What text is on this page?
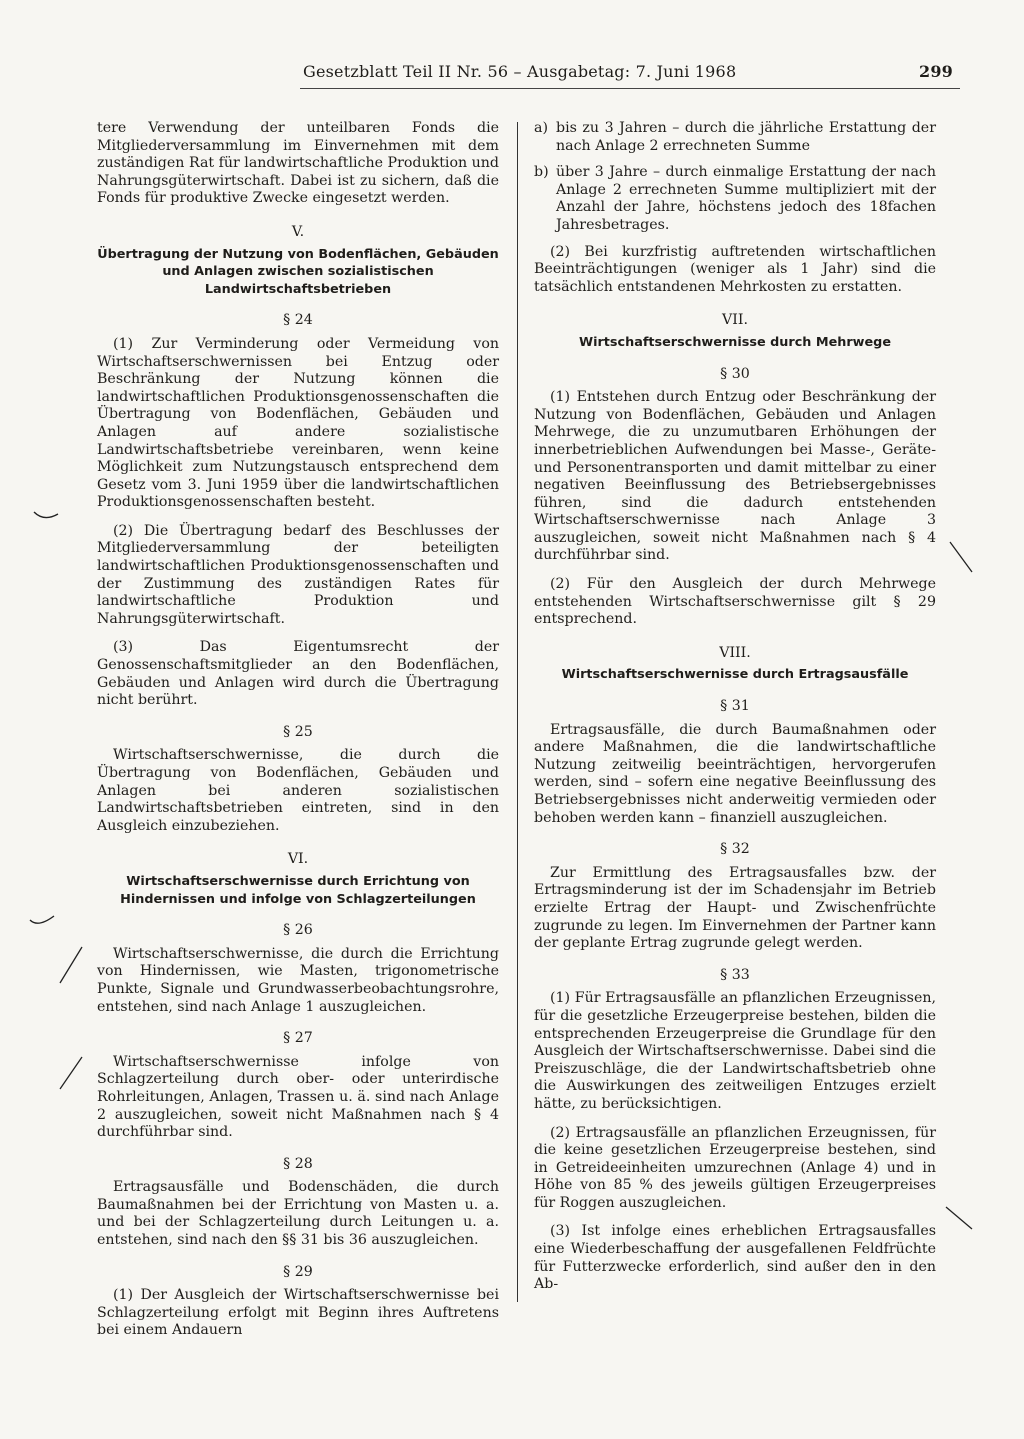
Gesetzblatt Teil II Nr. 56 – Ausgabetag: 7. Juni 1968	299

tere Verwendung der unteilbaren Fonds die Mitgliederversammlung im Einvernehmen mit dem zuständigen Rat für landwirtschaftliche Produktion und Nahrungsgüterwirtschaft. Dabei ist zu sichern, daß die Fonds für produktive Zwecke eingesetzt werden.

V.
Übertragung der Nutzung von Bodenflächen, Gebäuden und Anlagen zwischen sozialistischen Landwirtschaftsbetrieben
§ 24

(1) Zur Verminderung oder Vermeidung von Wirtschaftserschwernissen bei Entzug oder Beschränkung der Nutzung können die landwirtschaftlichen Produktionsgenossenschaften die Übertragung von Bodenflächen, Gebäuden und Anlagen auf andere sozialistische Landwirtschaftsbetriebe vereinbaren, wenn keine Möglichkeit zum Nutzungstausch entsprechend dem Gesetz vom 3. Juni 1959 über die landwirtschaftlichen Produktionsgenossenschaften besteht.

(2) Die Übertragung bedarf des Beschlusses der Mitgliederversammlung der beteiligten landwirtschaftlichen Produktionsgenossenschaften und der Zustimmung des zuständigen Rates für landwirtschaftliche Produktion und Nahrungsgüterwirtschaft.

(3) Das Eigentumsrecht der Genossenschaftsmitglieder an den Bodenflächen, Gebäuden und Anlagen wird durch die Übertragung nicht berührt.

§ 25

Wirtschaftserschwernisse, die durch die Übertragung von Bodenflächen, Gebäuden und Anlagen bei anderen sozialistischen Landwirtschaftsbetrieben eintreten, sind in den Ausgleich einzubeziehen.

VI.
Wirtschaftserschwernisse durch Errichtung von Hindernissen und infolge von Schlagzerteilungen
§ 26

Wirtschaftserschwernisse, die durch die Errichtung von Hindernissen, wie Masten, trigonometrische Punkte, Signale und Grundwasserbeobachtungsrohre, entstehen, sind nach Anlage 1 auszugleichen.

§ 27

Wirtschaftserschwernisse infolge von Schlagzerteilung durch ober- oder unterirdische Rohrleitungen, Anlagen, Trassen u. ä. sind nach Anlage 2 auszugleichen, soweit nicht Maßnahmen nach § 4 durchführbar sind.

§ 28

Ertragsausfälle und Bodenschäden, die durch Baumaßnahmen bei der Errichtung von Masten u. a. und bei der Schlagzerteilung durch Leitungen u. a. entstehen, sind nach den §§ 31 bis 36 auszugleichen.

§ 29

(1) Der Ausgleich der Wirtschaftserschwernisse bei Schlagzerteilung erfolgt mit Beginn ihres Auftretens bei einem Andauern

a) bis zu 3 Jahren – durch die jährliche Erstattung der nach Anlage 2 errechneten Summe
b) über 3 Jahre – durch einmalige Erstattung der nach Anlage 2 errechneten Summe multipliziert mit der Anzahl der Jahre, höchstens jedoch des 18fachen Jahresbetrages.

(2) Bei kurzfristig auftretenden wirtschaftlichen Beeinträchtigungen (weniger als 1 Jahr) sind die tatsächlich entstandenen Mehrkosten zu erstatten.

VII.
Wirtschaftserschwernisse durch Mehrwege
§ 30

(1) Entstehen durch Entzug oder Beschränkung der Nutzung von Bodenflächen, Gebäuden und Anlagen Mehrwege, die zu unzumutbaren Erhöhungen der innerbetrieblichen Aufwendungen bei Masse-, Geräte- und Personentransporten und damit mittelbar zu einer negativen Beeinflussung des Betriebsergebnisses führen, sind die dadurch entstehenden Wirtschaftserschwernisse nach Anlage 3 auszugleichen, soweit nicht Maßnahmen nach § 4 durchführbar sind.

(2) Für den Ausgleich der durch Mehrwege entstehenden Wirtschaftserschwernisse gilt § 29 entsprechend.

VIII.
Wirtschaftserschwernisse durch Ertragsausfälle
§ 31

Ertragsausfälle, die durch Baumaßnahmen oder andere Maßnahmen, die die landwirtschaftliche Nutzung zeitweilig beeinträchtigen, hervorgerufen werden, sind – sofern eine negative Beeinflussung des Betriebsergebnisses nicht anderweitig vermieden oder behoben werden kann – finanziell auszugleichen.

§ 32

Zur Ermittlung des Ertragsausfalles bzw. der Ertragsminderung ist der im Schadensjahr im Betrieb erzielte Ertrag der Haupt- und Zwischenfrüchte zugrunde zu legen. Im Einvernehmen der Partner kann der geplante Ertrag zugrunde gelegt werden.

§ 33

(1) Für Ertragsausfälle an pflanzlichen Erzeugnissen, für die gesetzliche Erzeugerpreise bestehen, bilden die entsprechenden Erzeugerpreise die Grundlage für den Ausgleich der Wirtschaftserschwernisse. Dabei sind die Preiszuschläge, die der Landwirtschaftsbetrieb ohne die Auswirkungen des zeitweiligen Entzuges erzielt hätte, zu berücksichtigen.

(2) Ertragsausfälle an pflanzlichen Erzeugnissen, für die keine gesetzlichen Erzeugerpreise bestehen, sind in Getreideeinheiten umzurechnen (Anlage 4) und in Höhe von 85 % des jeweils gültigen Erzeugerpreises für Roggen auszugleichen.

(3) Ist infolge eines erheblichen Ertragsausfalles eine Wiederbeschaffung der ausgefallenen Feldfrüchte für Futterzwecke erforderlich, sind außer den in den Ab-
